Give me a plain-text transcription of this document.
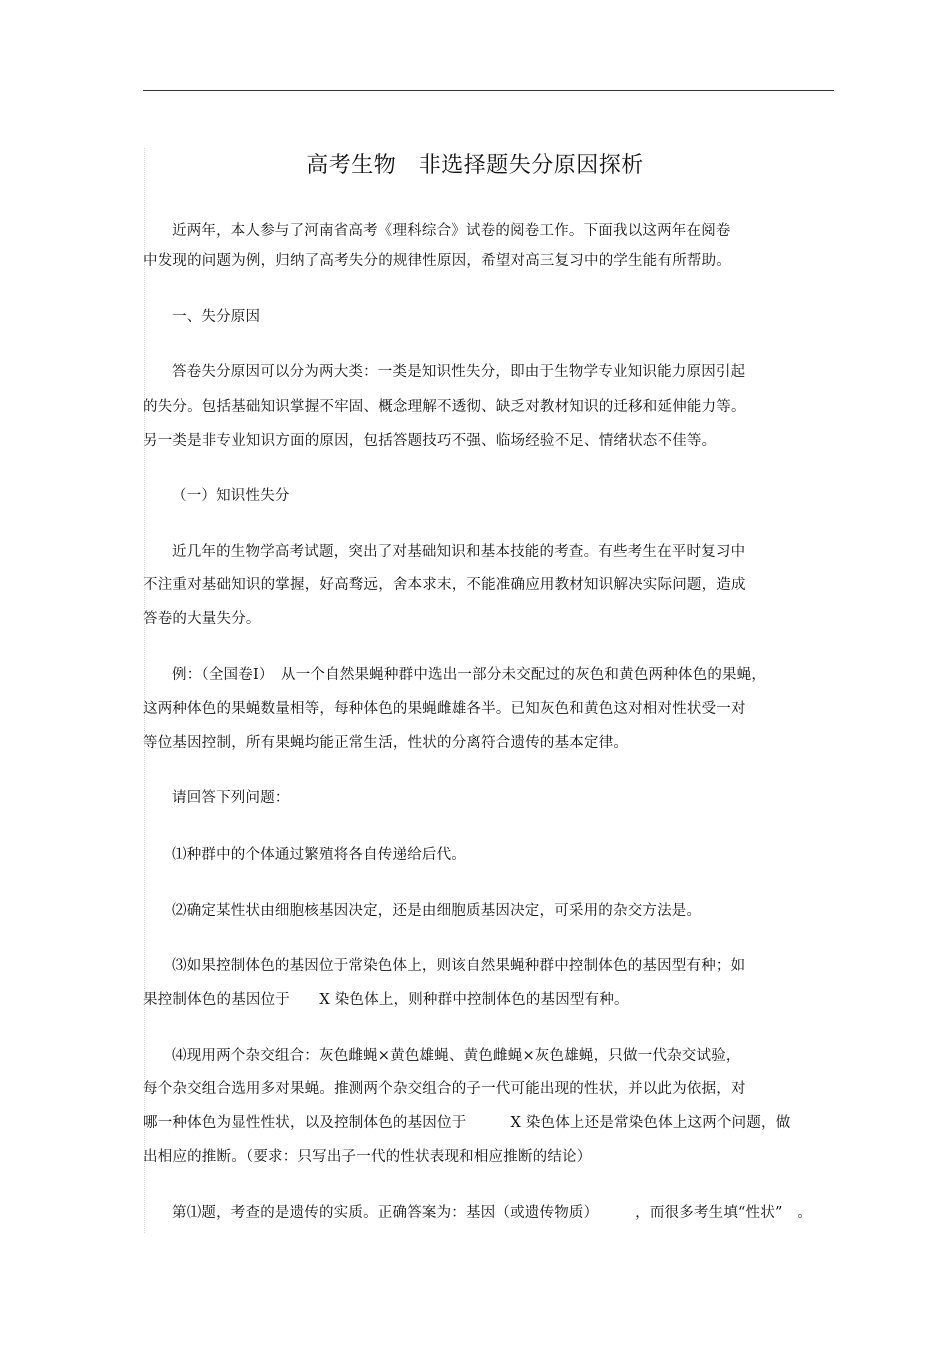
高考生物　非选择题失分原因探析
近两年，本人参与了河南省高考《理科综合》试卷的阅卷工作。下面我以这两年在阅卷
中发现的问题为例，归纳了高考失分的规律性原因，希望对高三复习中的学生能有所帮助。
一、失分原因
答卷失分原因可以分为两大类：一类是知识性失分，即由于生物学专业知识能力原因引起
的失分。包括基础知识掌握不牢固、概念理解不透彻、缺乏对教材知识的迁移和延伸能力等。
另一类是非专业知识方面的原因，包括答题技巧不强、临场经验不足、情绪状态不佳等。
（一）知识性失分
近几年的生物学高考试题，突出了对基础知识和基本技能的考查。有些考生在平时复习中
不注重对基础知识的掌握，好高骛远，舍本求末，不能准确应用教材知识解决实际问题，造成
答卷的大量失分。
例：（全国卷Ⅰ）　从一个自然果蝇种群中选出一部分未交配过的灰色和黄色两种体色的果蝇，
这两种体色的果蝇数量相等，每种体色的果蝇雌雄各半。已知灰色和黄色这对相对性状受一对
等位基因控制，所有果蝇均能正常生活，性状的分离符合遗传的基本定律。
请回答下列问题：
⑴种群中的个体通过繁殖将各自传递给后代。
⑵确定某性状由细胞核基因决定，还是由细胞质基因决定，可采用的杂交方法是。
⑶如果控制体色的基因位于常染色体上，则该自然果蝇种群中控制体色的基因型有种；如
果控制体色的基因位于　　X 染色体上，则种群中控制体色的基因型有种。
⑷现用两个杂交组合：灰色雌蝇×黄色雄蝇、黄色雌蝇×灰色雄蝇，只做一代杂交试验，
每个杂交组合选用多对果蝇。推测两个杂交组合的子一代可能出现的性状，并以此为依据，对
哪一种体色为显性性状，以及控制体色的基因位于　　　X 染色体上还是常染色体上这两个问题，做
出相应的推断。（要求：只写出子一代的性状表现和相应推断的结论）
第⑴题，考查的是遗传的实质。正确答案为：基因（或遗传物质）　　　，而很多考生填“性状”　。
